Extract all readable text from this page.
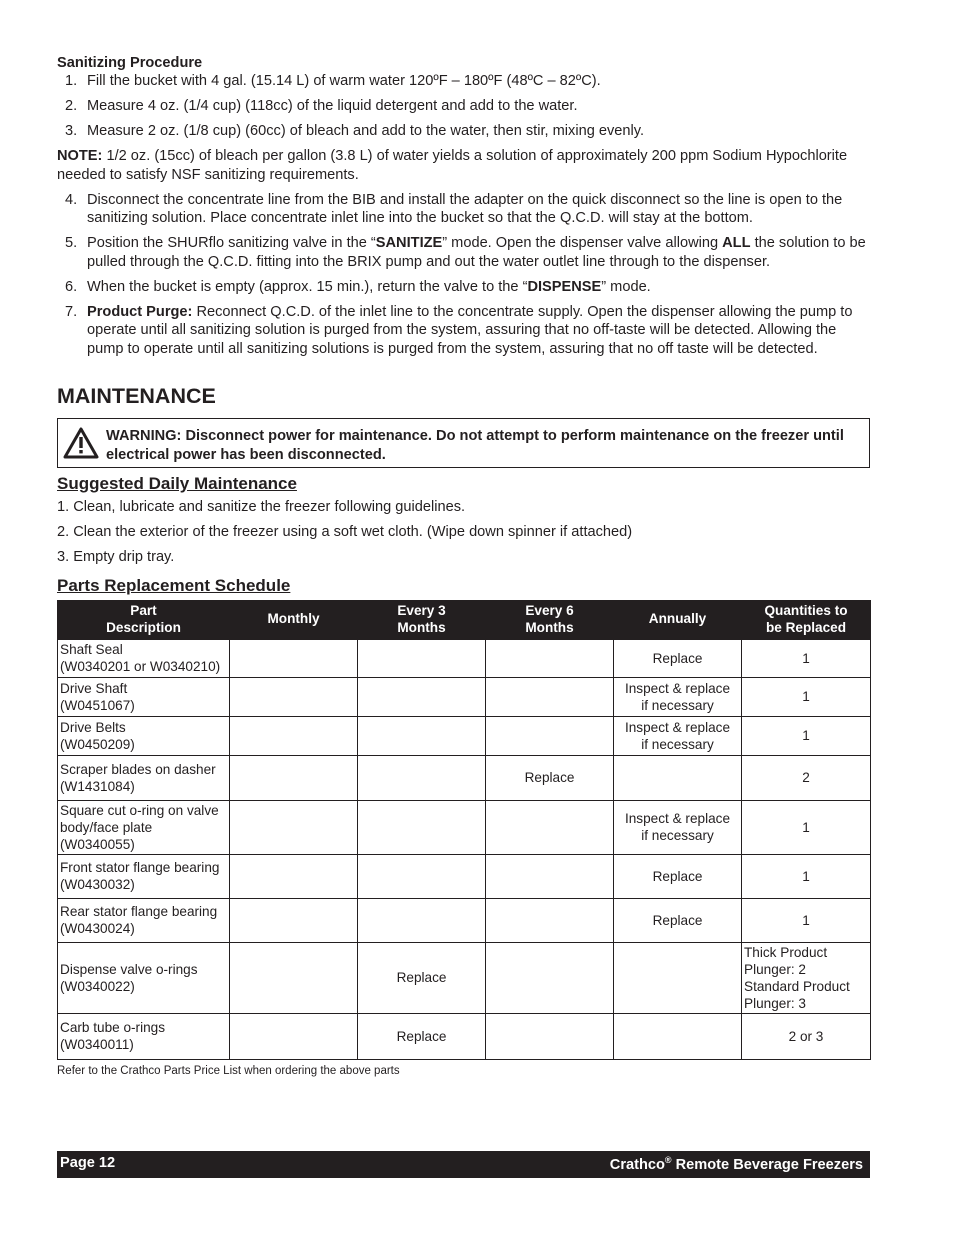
Sanitizing Procedure
1. Fill the bucket with 4 gal. (15.14 L) of warm water 120ºF – 180ºF (48ºC – 82ºC).
2. Measure 4 oz. (1/4 cup) (118cc) of the liquid detergent and add to the water.
3. Measure 2 oz. (1/8 cup) (60cc) of bleach and add to the water, then stir, mixing evenly.

NOTE: 1/2 oz. (15cc) of bleach per gallon (3.8 L) of water yields a solution of approximately 200 ppm Sodium Hypochlorite needed to satisfy NSF sanitizing requirements.

4. Disconnect the concentrate line from the BIB and install the adapter on the quick disconnect so the line is open to the sanitizing solution. Place concentrate inlet line into the bucket so that the Q.C.D. will stay at the bottom.
5. Position the SHURflo sanitizing valve in the “SANITIZE” mode. Open the dispenser valve allowing ALL the solution to be pulled through the Q.C.D. fitting into the BRIX pump and out the water outlet line through to the dispenser.
6. When the bucket is empty (approx. 15 min.), return the valve to the “DISPENSE” mode.
7. Product Purge: Reconnect Q.C.D. of the inlet line to the concentrate supply. Open the dispenser allowing the pump to operate until all sanitizing solution is purged from the system, assuring that no off-taste will be detected. Allowing the pump to operate until all sanitizing solutions is purged from the system, assuring that no off taste will be detected.
MAINTENANCE
WARNING: Disconnect power for maintenance. Do not attempt to perform maintenance on the freezer until electrical power has been disconnected.
Suggested Daily Maintenance

1. Clean, lubricate and sanitize the freezer following guidelines.

2. Clean the exterior of the freezer using a soft wet cloth. (Wipe down spinner if attached)

3. Empty drip tray.

Parts Replacement Schedule
Part
Description	Monthly	Every 3
Months	Every 6
Months	Annually	Quantities to
be Replaced
Shaft Seal
(W0340201 or W0340210)				Replace	1
Drive Shaft
(W0451067)				Inspect & replace
if necessary	1
Drive Belts
(W0450209)				Inspect & replace
if necessary	1
Scraper blades on dasher
(W1431084)			Replace		2
Square cut o-ring on valve
body/face plate
(W0340055)				Inspect & replace
if necessary	1
Front stator flange bearing
(W0430032)				Replace	1
Rear stator flange bearing
(W0430024)				Replace	1
Dispense valve o-rings
(W0340022)		Replace			Thick Product
Plunger: 2
Standard Product
Plunger: 3
Carb tube o-rings
(W0340011)		Replace			2 or 3
Refer to the Crathco Parts Price List when ordering the above parts
Page 12	Crathco® Remote Beverage Freezers
